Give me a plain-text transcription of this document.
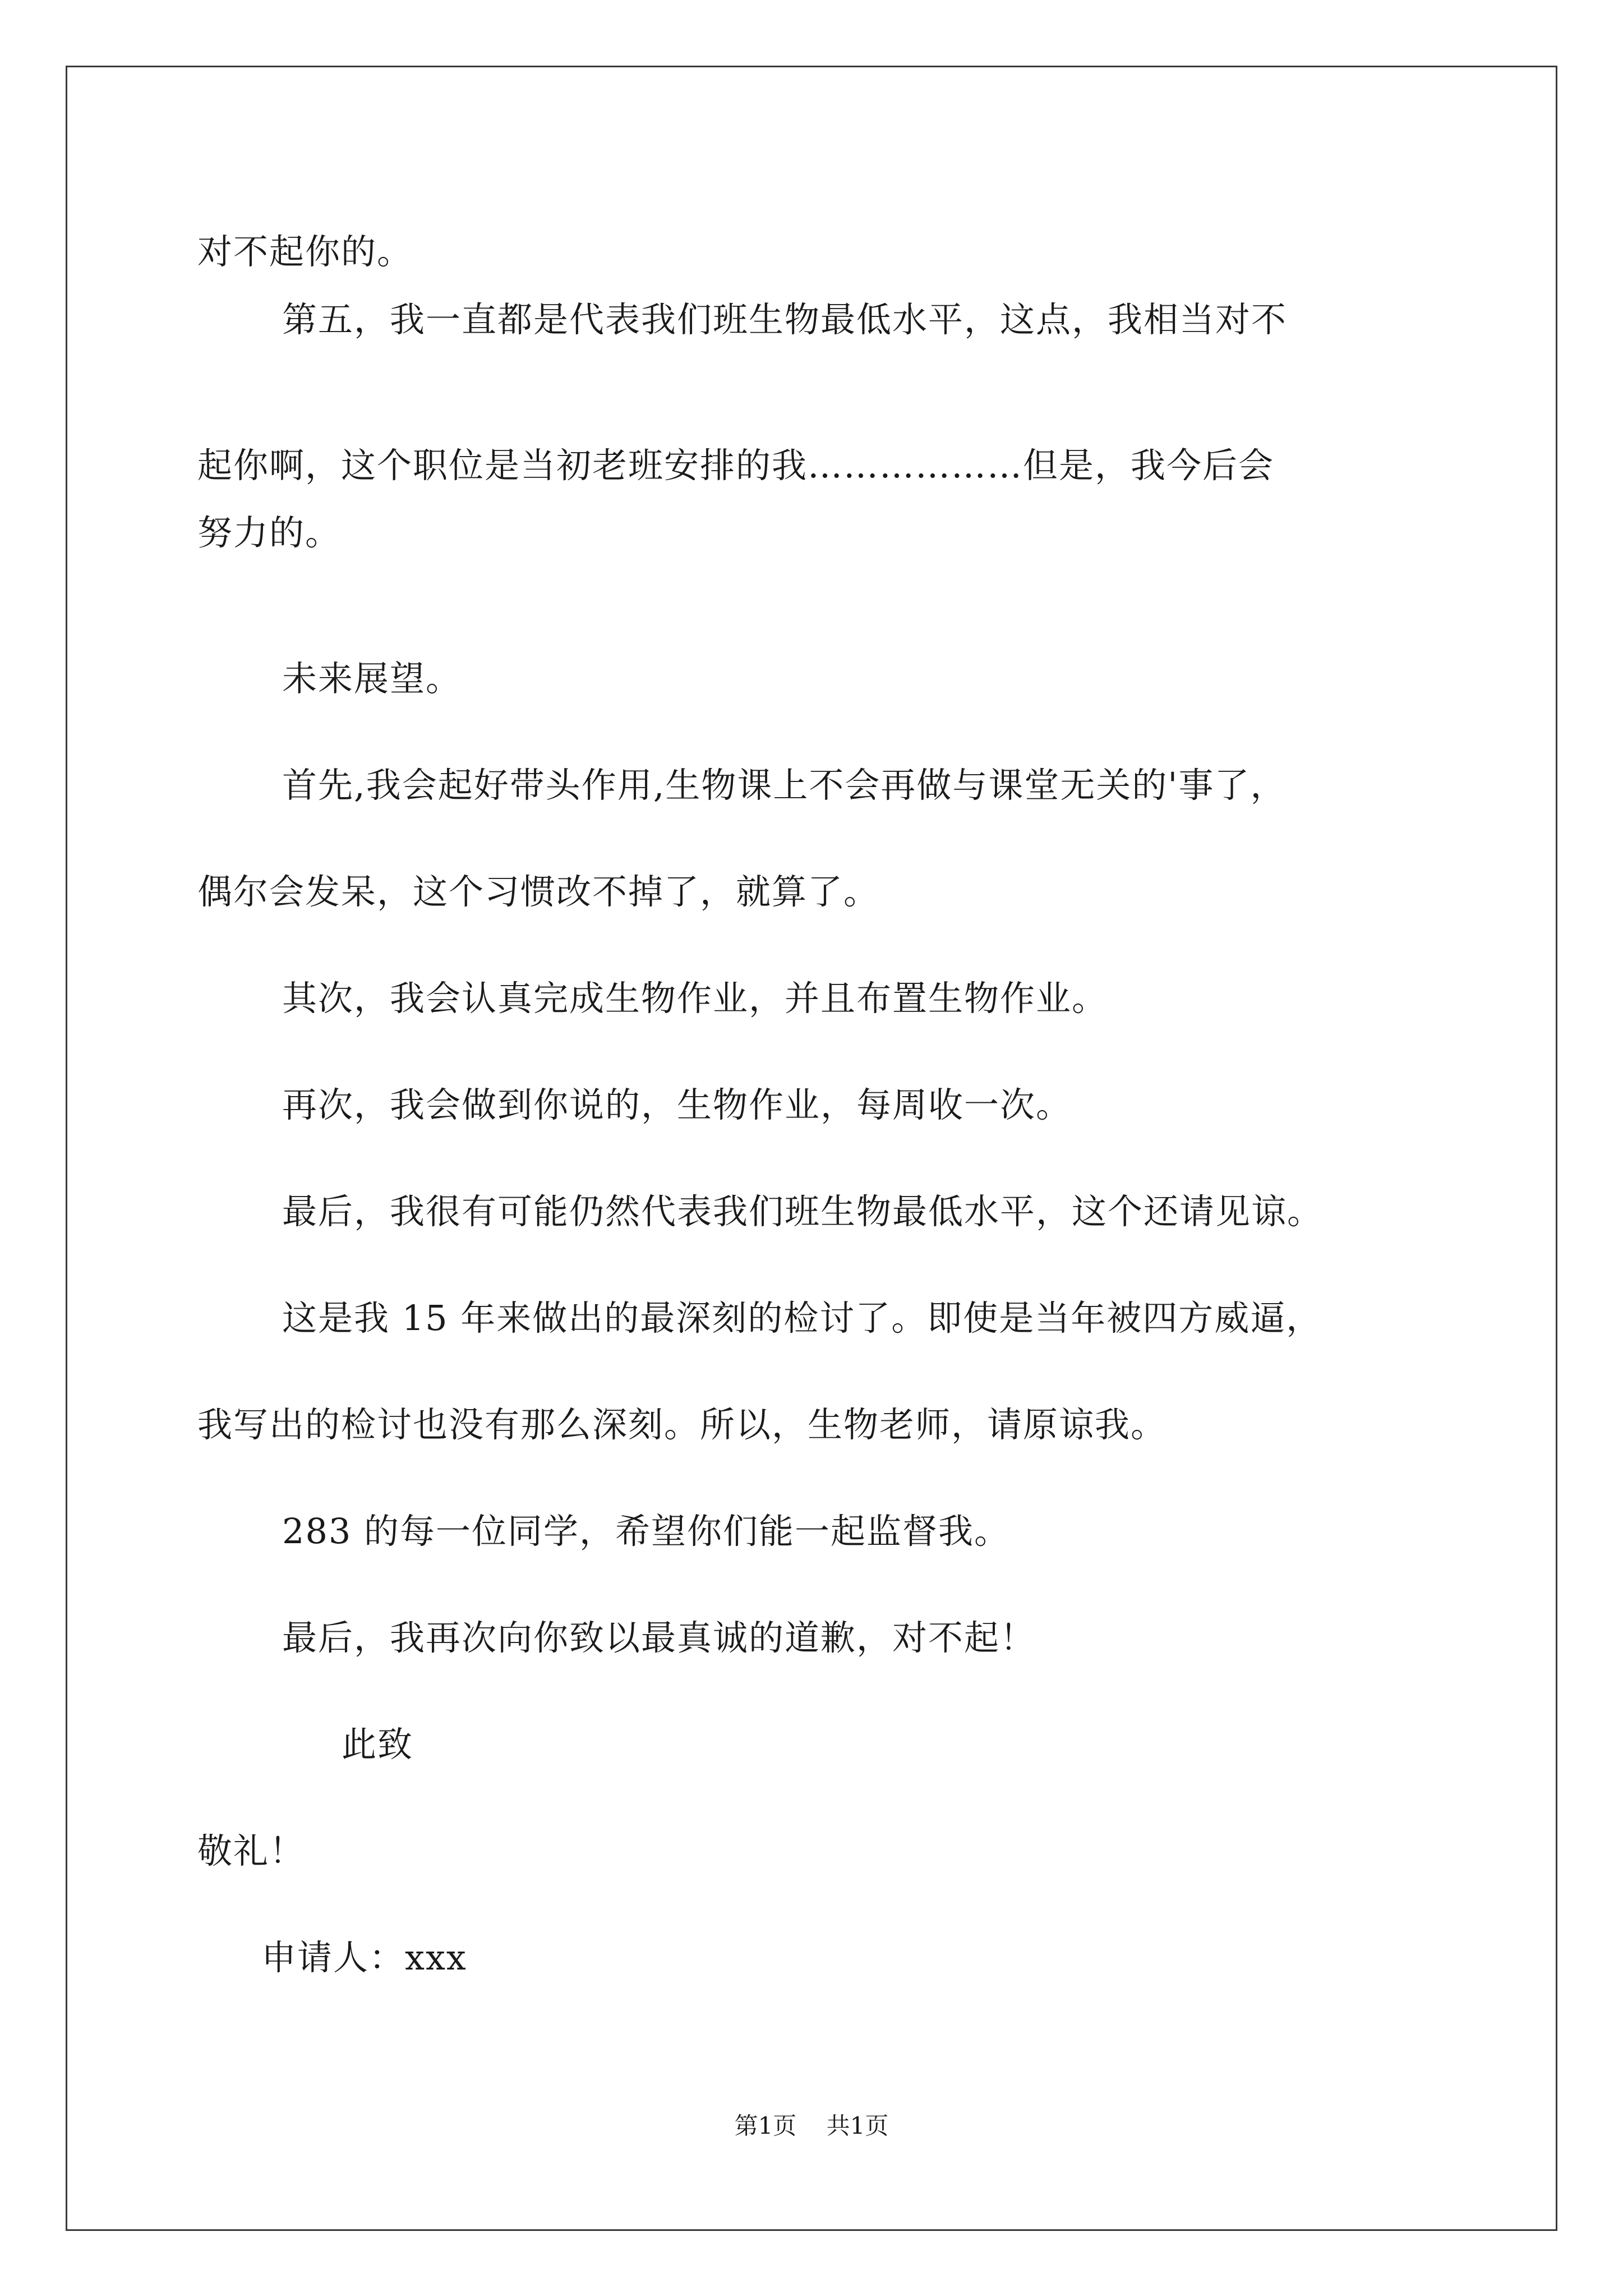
对不起你的。
第五，我一直都是代表我们班生物最低水平，这点，我相当对不
起你啊，这个职位是当初老班安排的我………………但是，我今后会
努力的。
未来展望。
首先,我会起好带头作用,生物课上不会再做与课堂无关的'事了，
偶尔会发呆，这个习惯改不掉了，就算了。
其次，我会认真完成生物作业，并且布置生物作业。
再次，我会做到你说的，生物作业，每周收一次。
最后，我很有可能仍然代表我们班生物最低水平，这个还请见谅。
这是我 15 年来做出的最深刻的检讨了。即使是当年被四方威逼，
我写出的检讨也没有那么深刻。所以，生物老师，请原谅我。
283 的每一位同学，希望你们能一起监督我。
最后，我再次向你致以最真诚的道歉，对不起！
此致
敬礼！
申请人：xxx
第1页    共1页
